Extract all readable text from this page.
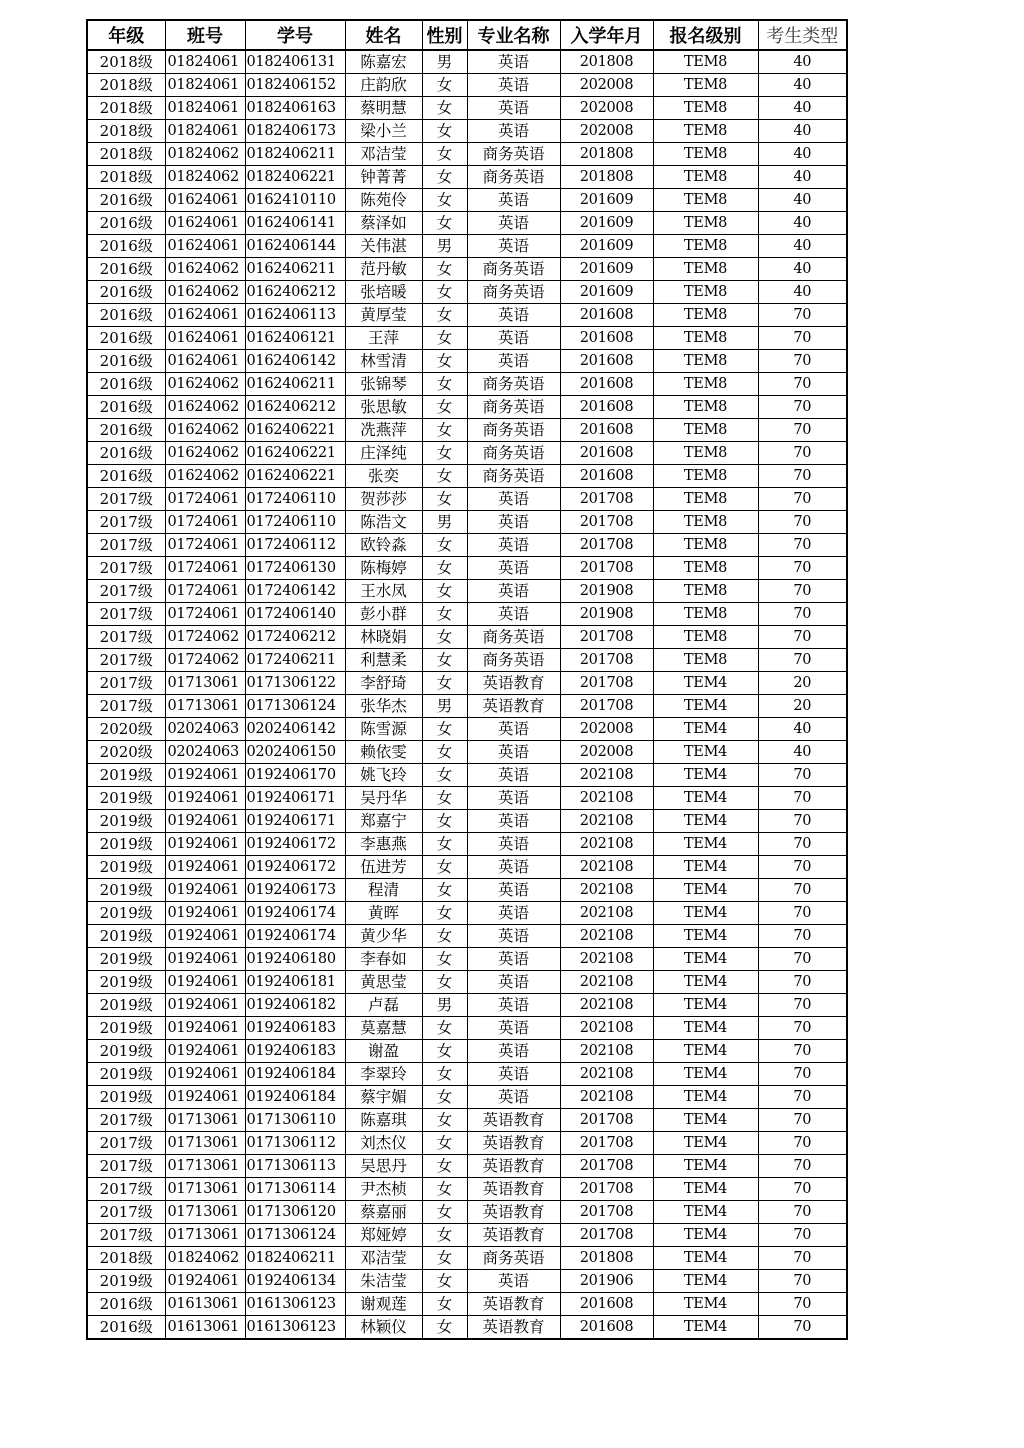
年级	班号	学号	姓名	性别	专业名称	入学年月	报名级别	考生类型
2018级	01824061	0182406131	陈嘉宏	男	英语	201808	TEM8	40
2018级	01824061	0182406152	庄韵欣	女	英语	202008	TEM8	40
2018级	01824061	0182406163	蔡明慧	女	英语	202008	TEM8	40
2018级	01824061	0182406173	梁小兰	女	英语	202008	TEM8	40
2018级	01824062	0182406211	邓洁莹	女	商务英语	201808	TEM8	40
2018级	01824062	0182406221	钟菁菁	女	商务英语	201808	TEM8	40
2016级	01624061	0162410110	陈苑伶	女	英语	201609	TEM8	40
2016级	01624061	0162406141	蔡泽如	女	英语	201609	TEM8	40
2016级	01624061	0162406144	关伟湛	男	英语	201609	TEM8	40
2016级	01624062	0162406211	范丹敏	女	商务英语	201609	TEM8	40
2016级	01624062	0162406212	张培暖	女	商务英语	201609	TEM8	40
2016级	01624061	0162406113	黄厚莹	女	英语	201608	TEM8	70
2016级	01624061	0162406121	王萍	女	英语	201608	TEM8	70
2016级	01624061	0162406142	林雪清	女	英语	201608	TEM8	70
2016级	01624062	0162406211	张锦琴	女	商务英语	201608	TEM8	70
2016级	01624062	0162406212	张思敏	女	商务英语	201608	TEM8	70
2016级	01624062	0162406221	冼燕萍	女	商务英语	201608	TEM8	70
2016级	01624062	0162406221	庄泽纯	女	商务英语	201608	TEM8	70
2016级	01624062	0162406221	张奕	女	商务英语	201608	TEM8	70
2017级	01724061	0172406110	贺莎莎	女	英语	201708	TEM8	70
2017级	01724061	0172406110	陈浩文	男	英语	201708	TEM8	70
2017级	01724061	0172406112	欧铃淼	女	英语	201708	TEM8	70
2017级	01724061	0172406130	陈梅婷	女	英语	201708	TEM8	70
2017级	01724061	0172406142	王水凤	女	英语	201908	TEM8	70
2017级	01724061	0172406140	彭小群	女	英语	201908	TEM8	70
2017级	01724062	0172406212	林晓娟	女	商务英语	201708	TEM8	70
2017级	01724062	0172406211	利慧柔	女	商务英语	201708	TEM8	70
2017级	01713061	0171306122	李舒琦	女	英语教育	201708	TEM4	20
2017级	01713061	0171306124	张华杰	男	英语教育	201708	TEM4	20
2020级	02024063	0202406142	陈雪源	女	英语	202008	TEM4	40
2020级	02024063	0202406150	赖依雯	女	英语	202008	TEM4	40
2019级	01924061	0192406170	姚飞玲	女	英语	202108	TEM4	70
2019级	01924061	0192406171	吴丹华	女	英语	202108	TEM4	70
2019级	01924061	0192406171	郑嘉宁	女	英语	202108	TEM4	70
2019级	01924061	0192406172	李惠燕	女	英语	202108	TEM4	70
2019级	01924061	0192406172	伍进芳	女	英语	202108	TEM4	70
2019级	01924061	0192406173	程清	女	英语	202108	TEM4	70
2019级	01924061	0192406174	黄晖	女	英语	202108	TEM4	70
2019级	01924061	0192406174	黄少华	女	英语	202108	TEM4	70
2019级	01924061	0192406180	李春如	女	英语	202108	TEM4	70
2019级	01924061	0192406181	黄思莹	女	英语	202108	TEM4	70
2019级	01924061	0192406182	卢磊	男	英语	202108	TEM4	70
2019级	01924061	0192406183	莫嘉慧	女	英语	202108	TEM4	70
2019级	01924061	0192406183	谢盈	女	英语	202108	TEM4	70
2019级	01924061	0192406184	李翠玲	女	英语	202108	TEM4	70
2019级	01924061	0192406184	蔡宇媚	女	英语	202108	TEM4	70
2017级	01713061	0171306110	陈嘉琪	女	英语教育	201708	TEM4	70
2017级	01713061	0171306112	刘杰仪	女	英语教育	201708	TEM4	70
2017级	01713061	0171306113	吴思丹	女	英语教育	201708	TEM4	70
2017级	01713061	0171306114	尹杰桢	女	英语教育	201708	TEM4	70
2017级	01713061	0171306120	蔡嘉丽	女	英语教育	201708	TEM4	70
2017级	01713061	0171306124	郑娅婷	女	英语教育	201708	TEM4	70
2018级	01824062	0182406211	邓洁莹	女	商务英语	201808	TEM4	70
2019级	01924061	0192406134	朱洁莹	女	英语	201906	TEM4	70
2016级	01613061	0161306123	谢观莲	女	英语教育	201608	TEM4	70
2016级	01613061	0161306123	林颖仪	女	英语教育	201608	TEM4	70
